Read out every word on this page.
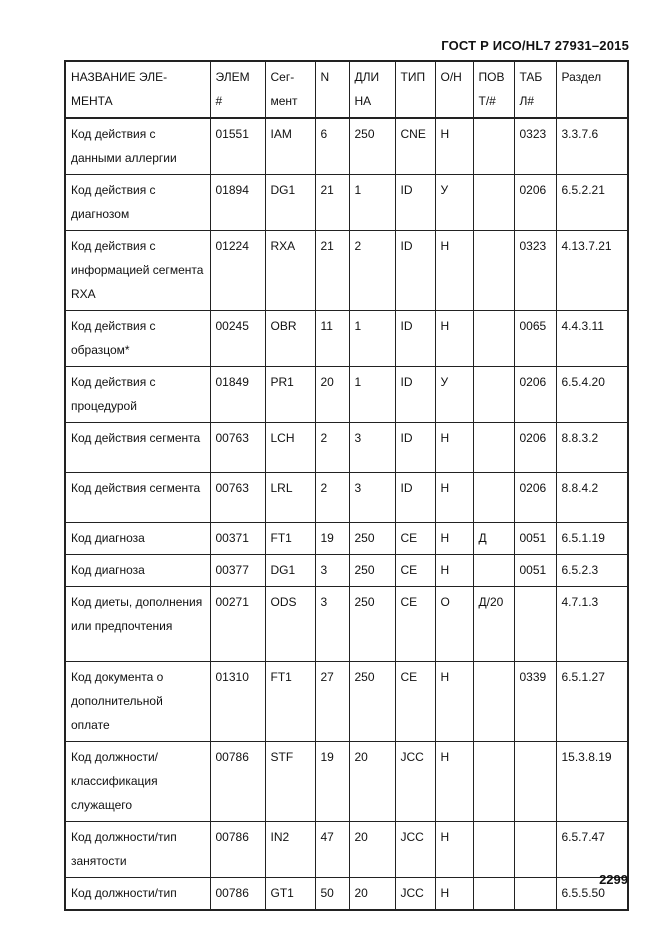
ГОСТ Р ИСО/HL7 27931–2015
НАЗВАНИЕ ЭЛЕ-МЕНТА	ЭЛЕМ #	Сег-мент	N	ДЛИ НА	ТИП	О/Н	ПОВ Т/#	ТАБ Л#	Раздел
Код действия с данными аллергии	01551	IAM	6	250	CNE	Н		0323	3.3.7.6
Код действия с диагнозом	01894	DG1	21	1	ID	У		0206	6.5.2.21
Код действия с информацией сегмента RXA	01224	RXA	21	2	ID	Н		0323	4.13.7.21
Код действия с образцом*	00245	OBR	11	1	ID	Н		0065	4.4.3.11
Код действия с процедурой	01849	PR1	20	1	ID	У		0206	6.5.4.20
Код действия сегмента	00763	LCH	2	3	ID	Н		0206	8.8.3.2
Код действия сегмента	00763	LRL	2	3	ID	Н		0206	8.8.4.2
Код диагноза	00371	FT1	19	250	CE	Н	Д	0051	6.5.1.19
Код диагноза	00377	DG1	3	250	CE	Н		0051	6.5.2.3
Код диеты, дополнения или предпочтения	00271	ODS	3	250	CE	О	Д/20		4.7.1.3
Код документа о дополнительной оплате	01310	FT1	27	250	CE	Н		0339	6.5.1.27
Код должности/классификация служащего	00786	STF	19	20	JCC	Н			15.3.8.19
Код должности/тип занятости	00786	IN2	47	20	JCC	Н			6.5.7.47
Код должности/тип	00786	GT1	50	20	JCC	Н			6.5.5.50
2299
